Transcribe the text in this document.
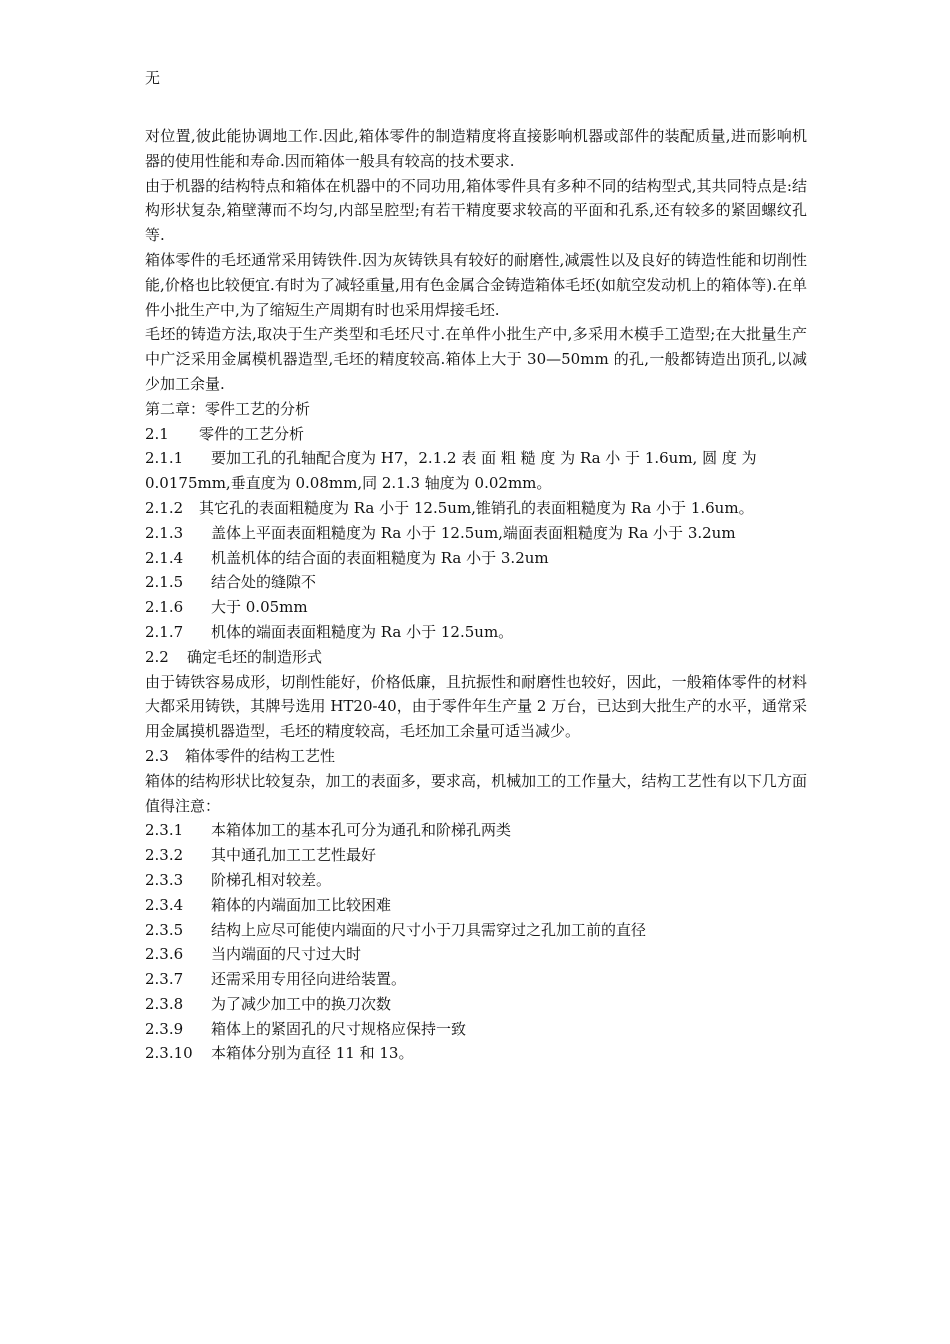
无

对位置,彼此能协调地工作.因此,箱体零件的制造精度将直接影响机器或部件的装配质量,进而影响机器的使用性能和寿命.因而箱体一般具有较高的技术要求.

由于机器的结构特点和箱体在机器中的不同功用,箱体零件具有多种不同的结构型式,其共同特点是:结构形状复杂,箱壁薄而不均匀,内部呈腔型;有若干精度要求较高的平面和孔系,还有较多的紧固螺纹孔等.

箱体零件的毛坯通常采用铸铁件.因为灰铸铁具有较好的耐磨性,减震性以及良好的铸造性能和切削性能,价格也比较便宜.有时为了减轻重量,用有色金属合金铸造箱体毛坯(如航空发动机上的箱体等).在单件小批生产中,为了缩短生产周期有时也采用焊接毛坯.

毛坯的铸造方法,取决于生产类型和毛坯尺寸.在单件小批生产中,多采用木模手工造型;在大批量生产中广泛采用金属模机器造型,毛坯的精度较高.箱体上大于 30—50mm 的孔,一般都铸造出顶孔,以减少加工余量.

第二章：零件工艺的分析
2.1	零件的工艺分析
2.1.1	要加工孔的孔轴配合度为 H7，2.1.2 表 面 粗 糙 度 为 Ra 小 于 1.6um, 圆 度 为
0.0175mm,垂直度为 0.08mm,同 2.1.3 轴度为 0.02mm。
2.1.2	其它孔的表面粗糙度为 Ra 小于 12.5um,锥销孔的表面粗糙度为 Ra 小于 1.6um。
2.1.3	盖体上平面表面粗糙度为 Ra 小于 12.5um,端面表面粗糙度为 Ra 小于 3.2um
2.1.4	机盖机体的结合面的表面粗糙度为 Ra 小于 3.2um
2.1.5	结合处的缝隙不
2.1.6	大于 0.05mm
2.1.7	机体的端面表面粗糙度为 Ra 小于 12.5um。
2.2	确定毛坯的制造形式

由于铸铁容易成形，切削性能好，价格低廉，且抗振性和耐磨性也较好，因此，一般箱体零件的材料大都采用铸铁，其牌号选用 HT20-40，由于零件年生产量 2 万台，已达到大批生产的水平，通常采用金属摸机器造型，毛坯的精度较高，毛坯加工余量可适当减少。

2.3	箱体零件的结构工艺性

箱体的结构形状比较复杂，加工的表面多，要求高，机械加工的工作量大，结构工艺性有以下几方面值得注意：

2.3.1	本箱体加工的基本孔可分为通孔和阶梯孔两类
2.3.2	其中通孔加工工艺性最好
2.3.3	阶梯孔相对较差。
2.3.4	箱体的内端面加工比较困难
2.3.5	结构上应尽可能使内端面的尺寸小于刀具需穿过之孔加工前的直径
2.3.6	当内端面的尺寸过大时
2.3.7	还需采用专用径向进给装置。
2.3.8	为了减少加工中的换刀次数
2.3.9	箱体上的紧固孔的尺寸规格应保持一致
2.3.10	本箱体分别为直径 11 和 13。
